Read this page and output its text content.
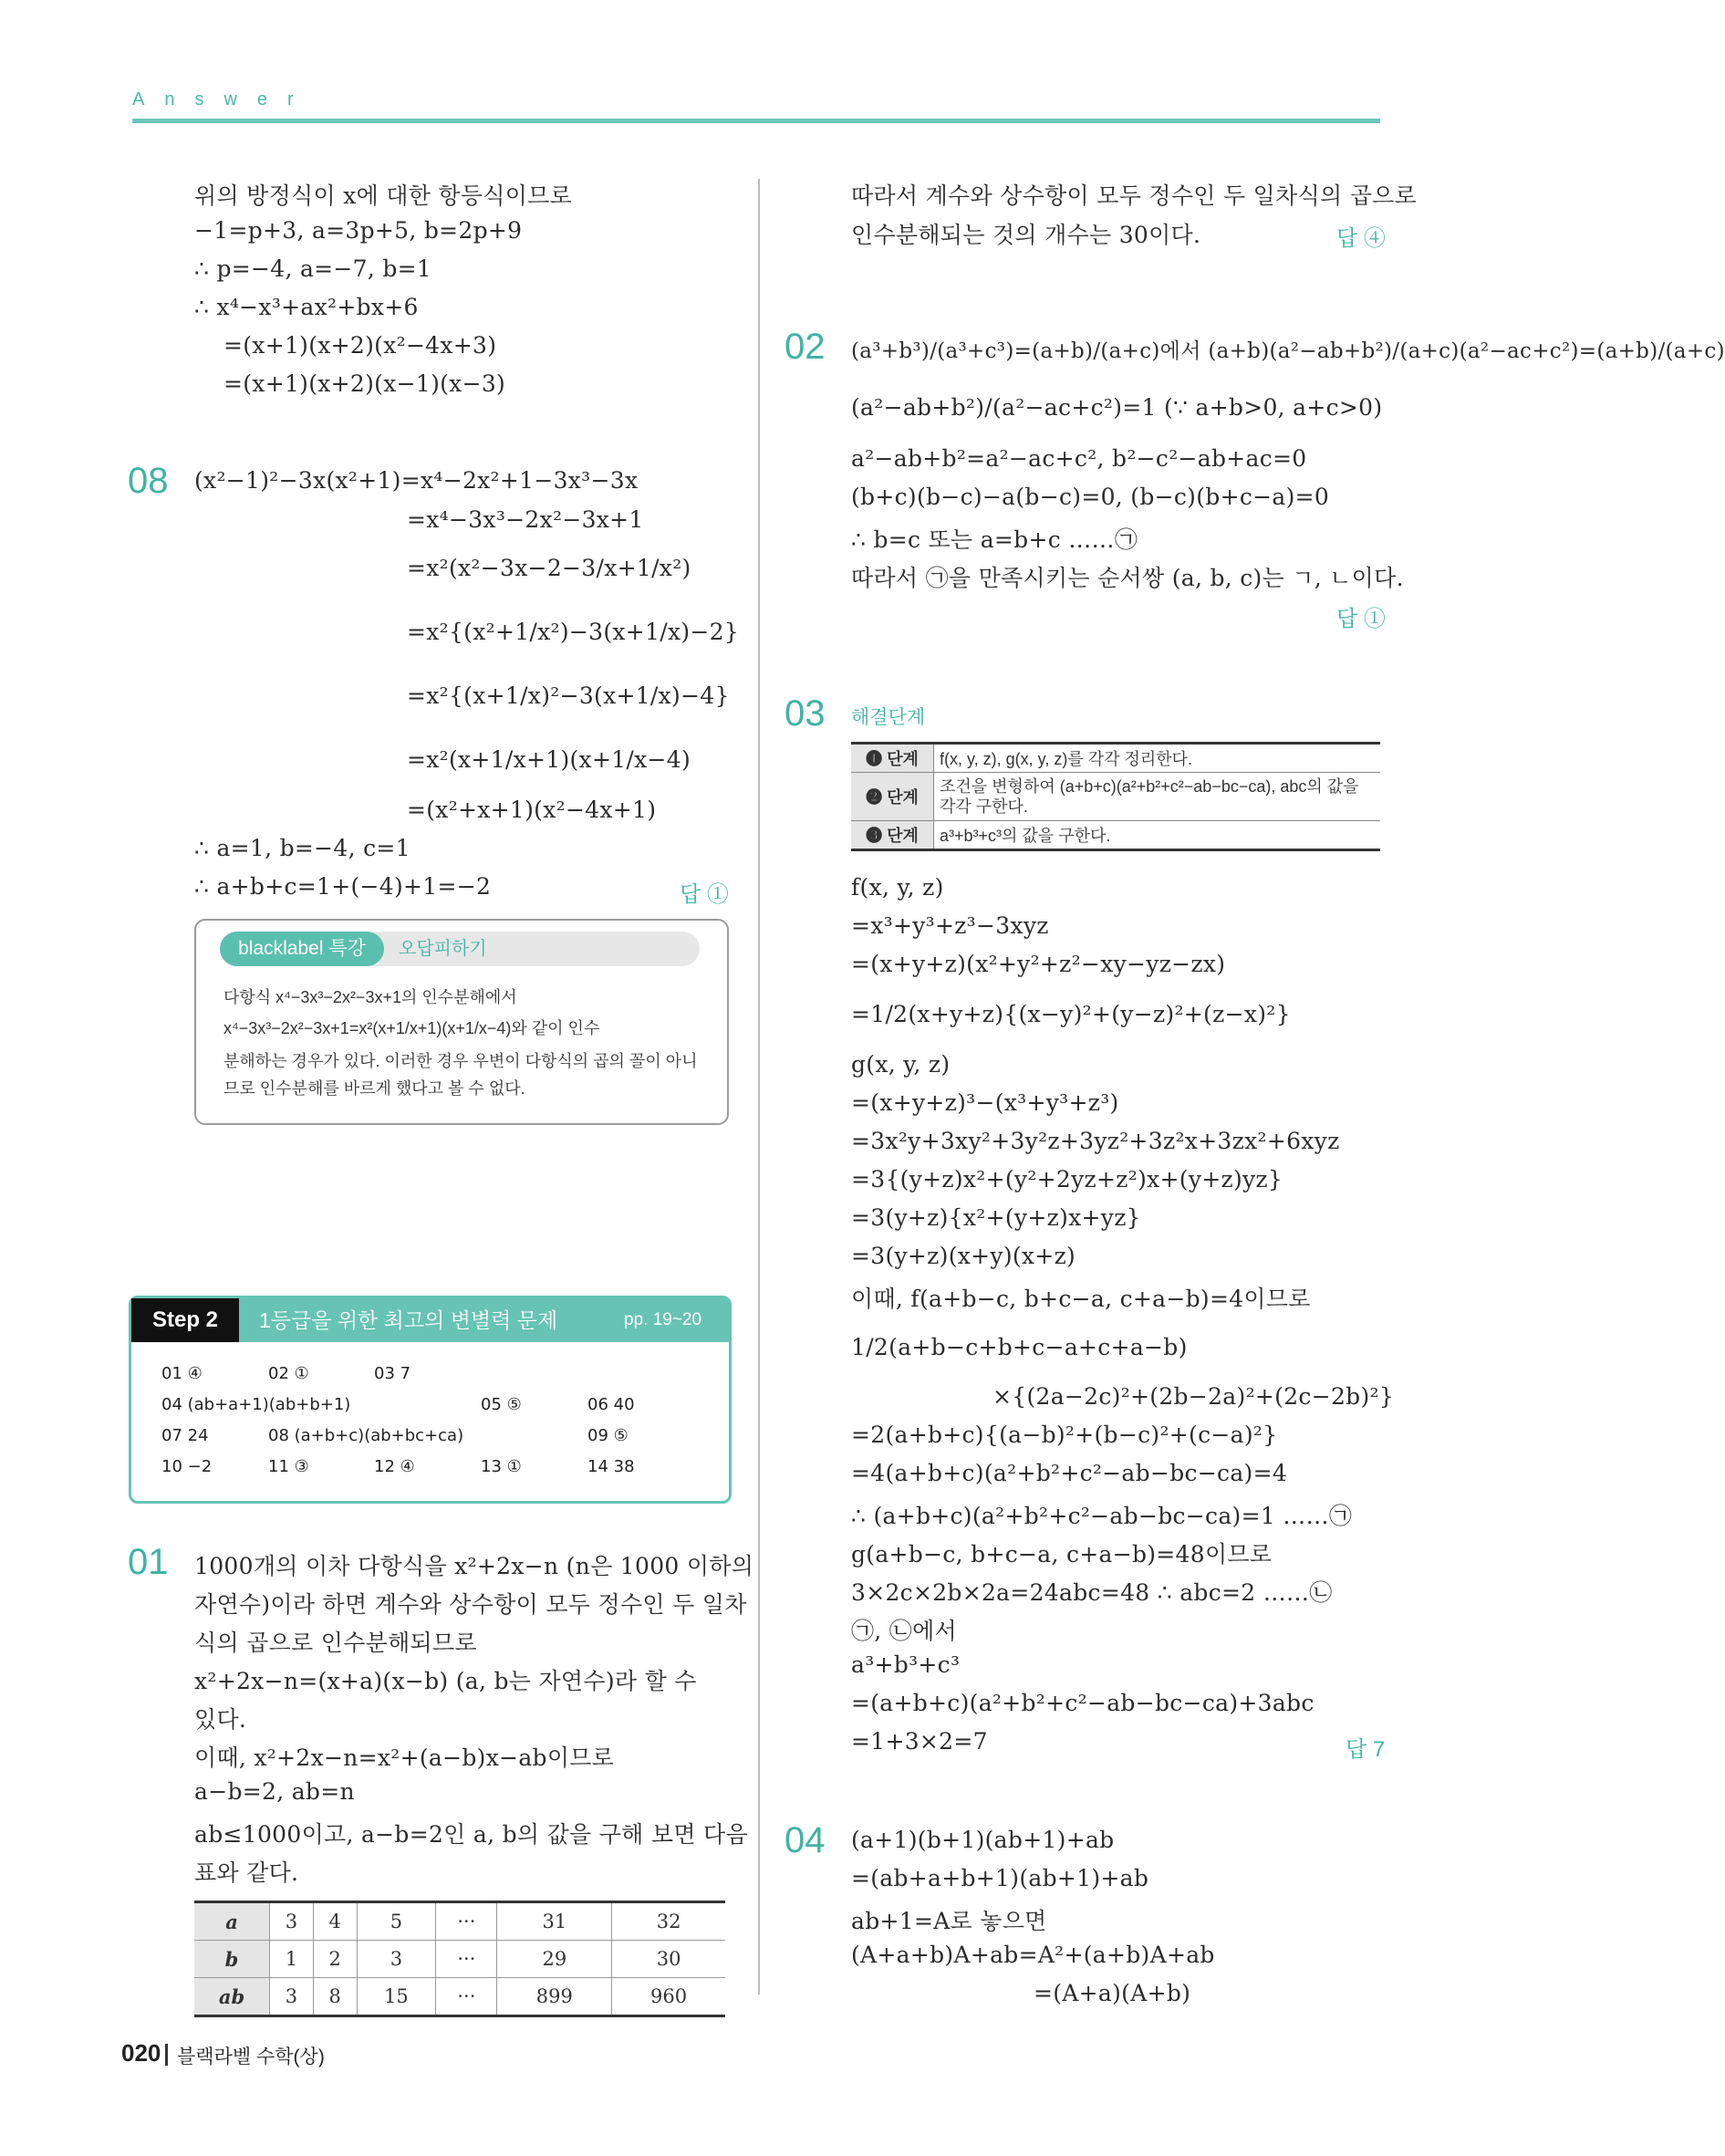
Answer
위의 방정식이 x에 대한 항등식이므로
−1=p+3, a=3p+5, b=2p+9
∴ p=−4, a=−7, b=1
∴ x⁴−x³+ax²+bx+6
=(x+1)(x+2)(x²−4x+3)
=(x+1)(x+2)(x−1)(x−3)
08 (x²−1)²−3x(x²+1)=x⁴−2x²+1−3x³−3x
=x⁴−3x³−2x²−3x+1
=x²(x²−3x−2−3/x+1/x²)
=x²{(x²+1/x²)−3(x+1/x)−2}
=x²{(x+1/x)²−3(x+1/x)−4}
=x²(x+1/x+1)(x+1/x−4)
=(x²+x+1)(x²−4x+1)
∴ a=1, b=−4, c=1
∴ a+b+c=1+(−4)+1=−2	답 ①
blacklabel 특강	오답피하기
다항식 x⁴−3x³−2x²−3x+1의 인수분해에서
x⁴−3x³−2x²−3x+1=x²(x+1/x+1)(x+1/x−4)와 같이 인수
분해하는 경우가 있다. 이러한 경우 우변이 다항식의 곱의 꼴이 아니
므로 인수분해를 바르게 했다고 볼 수 없다.
Step 2	1등급을 위한 최고의 변별력 문제	pp. 19~20
01 ④	02 ①	03 7
04 (ab+a+1)(ab+b+1)	05 ⑤	06 40
07 24	08 (a+b+c)(ab+bc+ca)	09 ⑤
10 −2	11 ③	12 ④	13 ①	14 38
01 1000개의 이차 다항식을 x²+2x−n (n은 1000 이하의
자연수)이라 하면 계수와 상수항이 모두 정수인 두 일차
식의 곱으로 인수분해되므로
x²+2x−n=(x+a)(x−b) (a, b는 자연수)라 할 수
있다.
이때, x²+2x−n=x²+(a−b)x−ab이므로
a−b=2, ab=n
ab≤1000이고, a−b=2인 a, b의 값을 구해 보면 다음
표와 같다.
a	3	4	5	···	31	32
b	1	2	3	···	29	30
ab	3	8	15	···	899	960
따라서 계수와 상수항이 모두 정수인 두 일차식의 곱으로
인수분해되는 것의 개수는 30이다.	답 ④
02 (a³+b³)/(a³+c³)=(a+b)/(a+c)에서 (a+b)(a²−ab+b²)/(a+c)(a²−ac+c²)=(a+b)/(a+c)
(a²−ab+b²)/(a²−ac+c²)=1 (∵ a+b>0, a+c>0)
a²−ab+b²=a²−ac+c², b²−c²−ab+ac=0
(b+c)(b−c)−a(b−c)=0, (b−c)(b+c−a)=0
∴ b=c 또는 a=b+c ……㉠
따라서 ㉠을 만족시키는 순서쌍 (a, b, c)는 ㄱ, ㄴ이다.
답 ①
03 해결단계
❶ 단계	f(x, y, z), g(x, y, z)를 각각 정리한다.
❷ 단계	조건을 변형하여 (a+b+c)(a²+b²+c²−ab−bc−ca), abc의 값을 각각 구한다.
❸ 단계	a³+b³+c³의 값을 구한다.
f(x, y, z)
=x³+y³+z³−3xyz
=(x+y+z)(x²+y²+z²−xy−yz−zx)
=1/2(x+y+z){(x−y)²+(y−z)²+(z−x)²}
g(x, y, z)
=(x+y+z)³−(x³+y³+z³)
=3x²y+3xy²+3y²z+3yz²+3z²x+3zx²+6xyz
=3{(y+z)x²+(y²+2yz+z²)x+(y+z)yz}
=3(y+z){x²+(y+z)x+yz}
=3(y+z)(x+y)(x+z)
이때, f(a+b−c, b+c−a, c+a−b)=4이므로
1/2(a+b−c+b+c−a+c+a−b)
×{(2a−2c)²+(2b−2a)²+(2c−2b)²}
=2(a+b+c){(a−b)²+(b−c)²+(c−a)²}
=4(a+b+c)(a²+b²+c²−ab−bc−ca)=4
∴ (a+b+c)(a²+b²+c²−ab−bc−ca)=1 ……㉠
g(a+b−c, b+c−a, c+a−b)=48이므로
3×2c×2b×2a=24abc=48 ∴ abc=2 ……㉡
㉠, ㉡에서
a³+b³+c³
=(a+b+c)(a²+b²+c²−ab−bc−ca)+3abc
=1+3×2=7	답 7
04 (a+1)(b+1)(ab+1)+ab
=(ab+a+b+1)(ab+1)+ab
ab+1=A로 놓으면
(A+a+b)A+ab=A²+(a+b)A+ab
=(A+a)(A+b)
020 블랙라벨 수학(상)
